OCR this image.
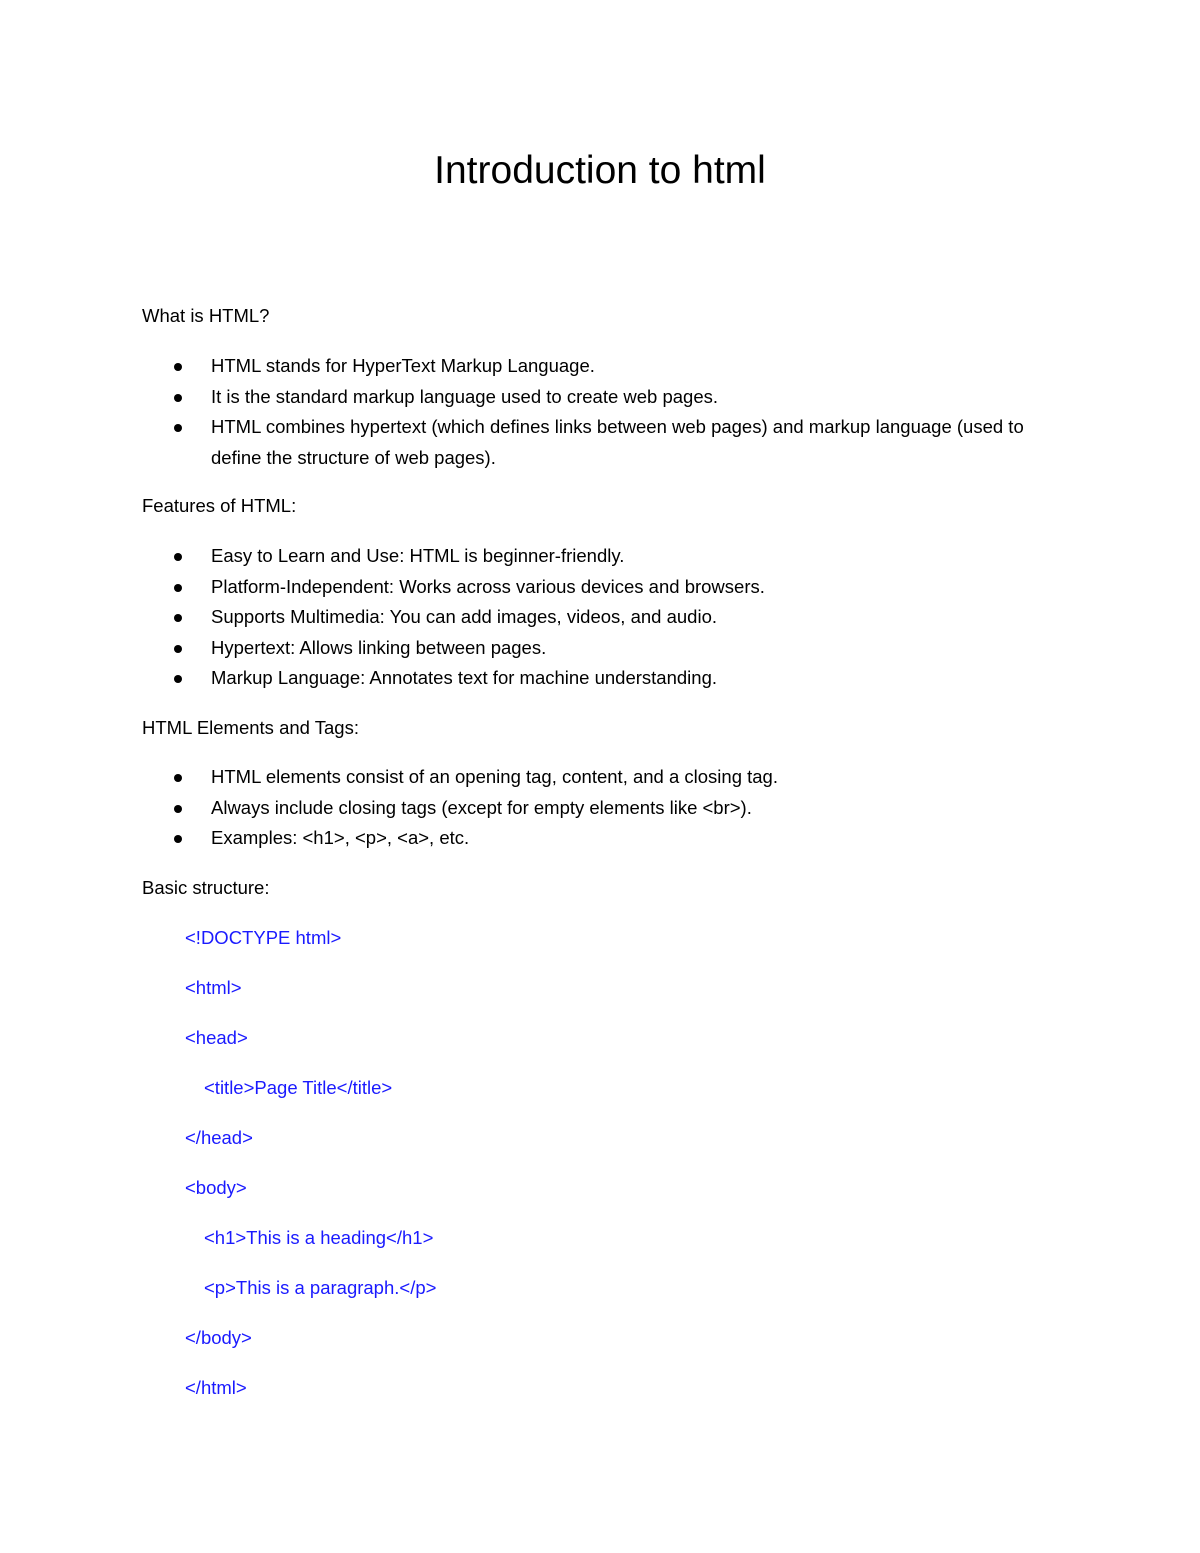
Introduction to html

What is HTML?

HTML stands for HyperText Markup Language.
It is the standard markup language used to create web pages.
HTML combines hypertext (which defines links between web pages) and markup language (used to define the structure of web pages).

Features of HTML:

Easy to Learn and Use: HTML is beginner-friendly.
Platform-Independent: Works across various devices and browsers.
Supports Multimedia: You can add images, videos, and audio.
Hypertext: Allows linking between pages.
Markup Language: Annotates text for machine understanding.

HTML Elements and Tags:

HTML elements consist of an opening tag, content, and a closing tag.
Always include closing tags (except for empty elements like <br>).
Examples: <h1>, <p>, <a>, etc.

Basic structure:

<!DOCTYPE html>
<html>
<head>
<title>Page Title</title>
</head>
<body>
<h1>This is a heading</h1>
<p>This is a paragraph.</p>
</body>
</html>
